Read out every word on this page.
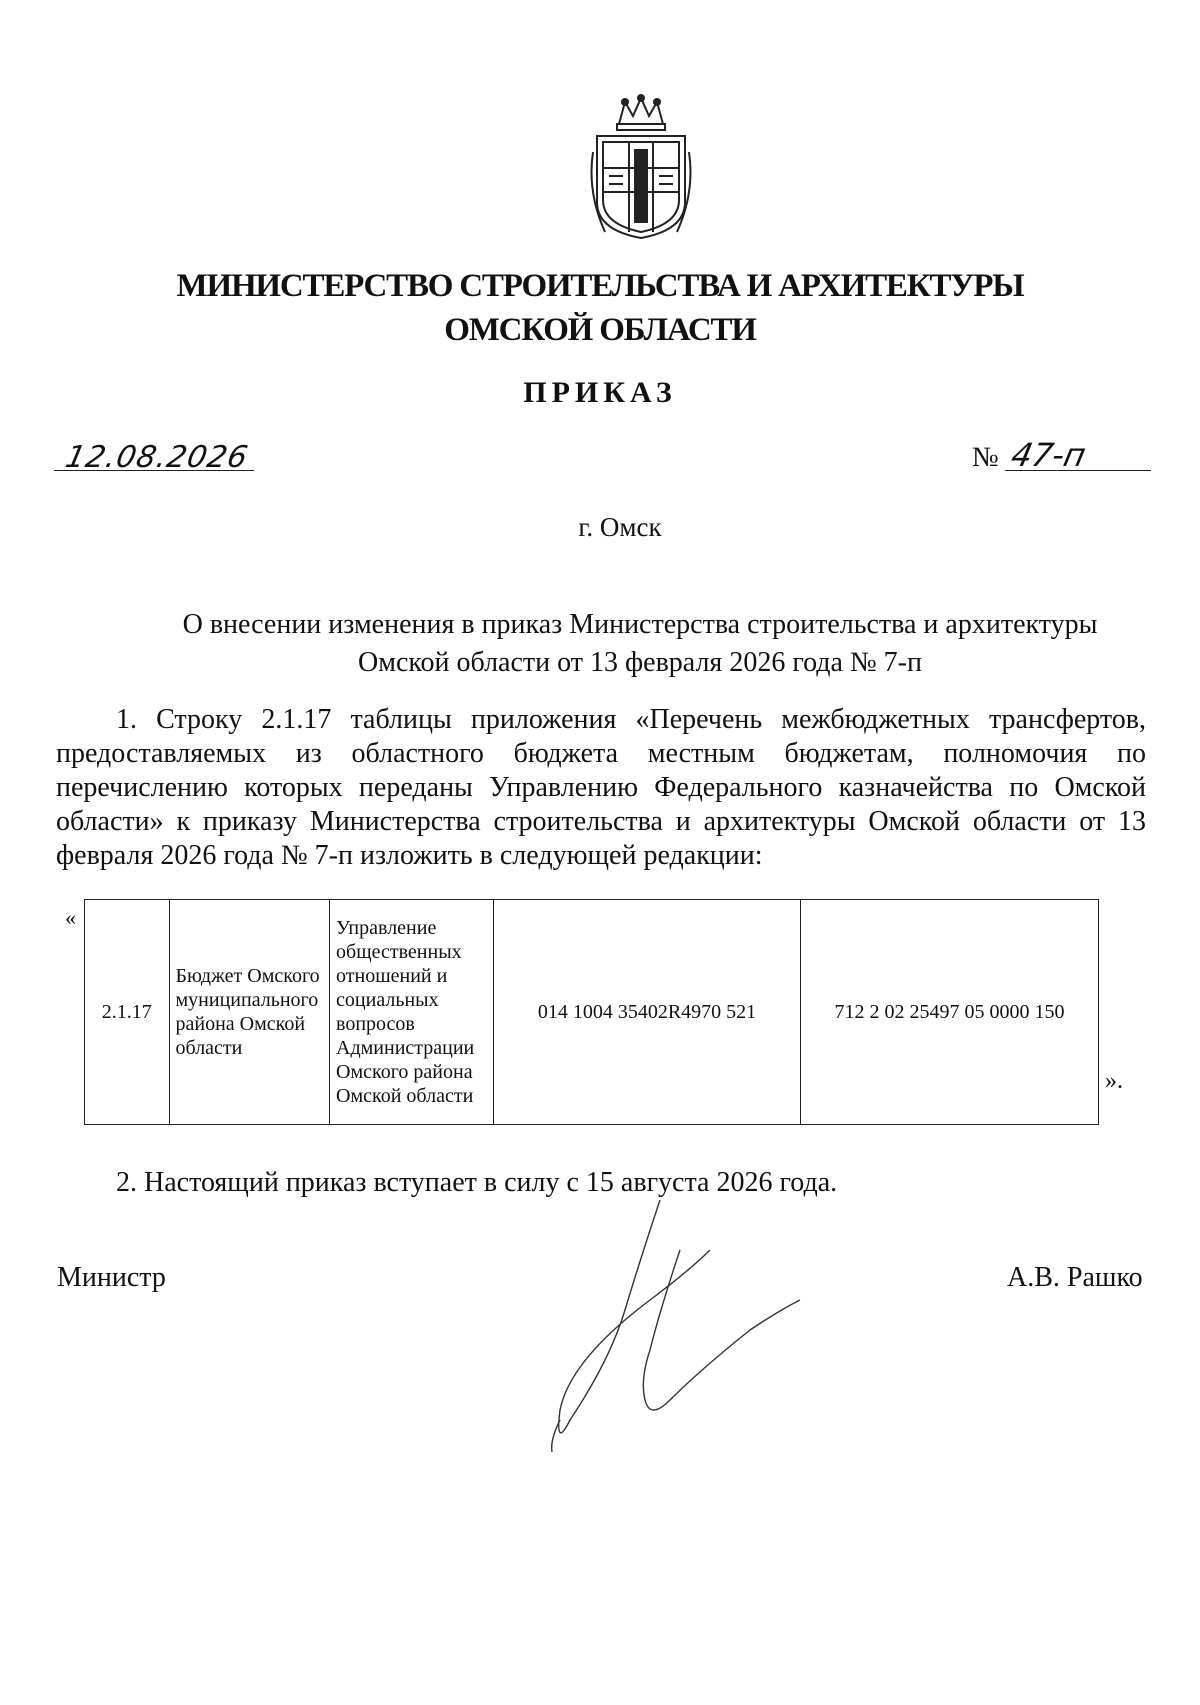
МИНИСТЕРСТВО СТРОИТЕЛЬСТВА И АРХИТЕКТУРЫ
ОМСКОЙ ОБЛАСТИ
ПРИКАЗ
12.08.2026	№ 47-п
г. Омск
О внесении изменения в приказ Министерства строительства и архитектуры
Омской области от 13 февраля 2026 года № 7-п
1. Строку 2.1.17 таблицы приложения «Перечень межбюджетных трансфертов, предоставляемых из областного бюджета местным бюджетам, полномочия по перечислению которых переданы Управлению Федерального казначейства по Омской области» к приказу Министерства строительства и архитектуры Омской области от 13 февраля 2026 года № 7-п изложить в следующей редакции:
«
2.1.17	Бюджет Омского муниципального района Омской области	Управление общественных отношений и социальных вопросов Администрации Омского района Омской области	014 1004 35402R4970 521	712 2 02 25497 05 0000 150
».
2. Настоящий приказ вступает в силу с 15 августа 2026 года.
Министр	А.В. Рашко
